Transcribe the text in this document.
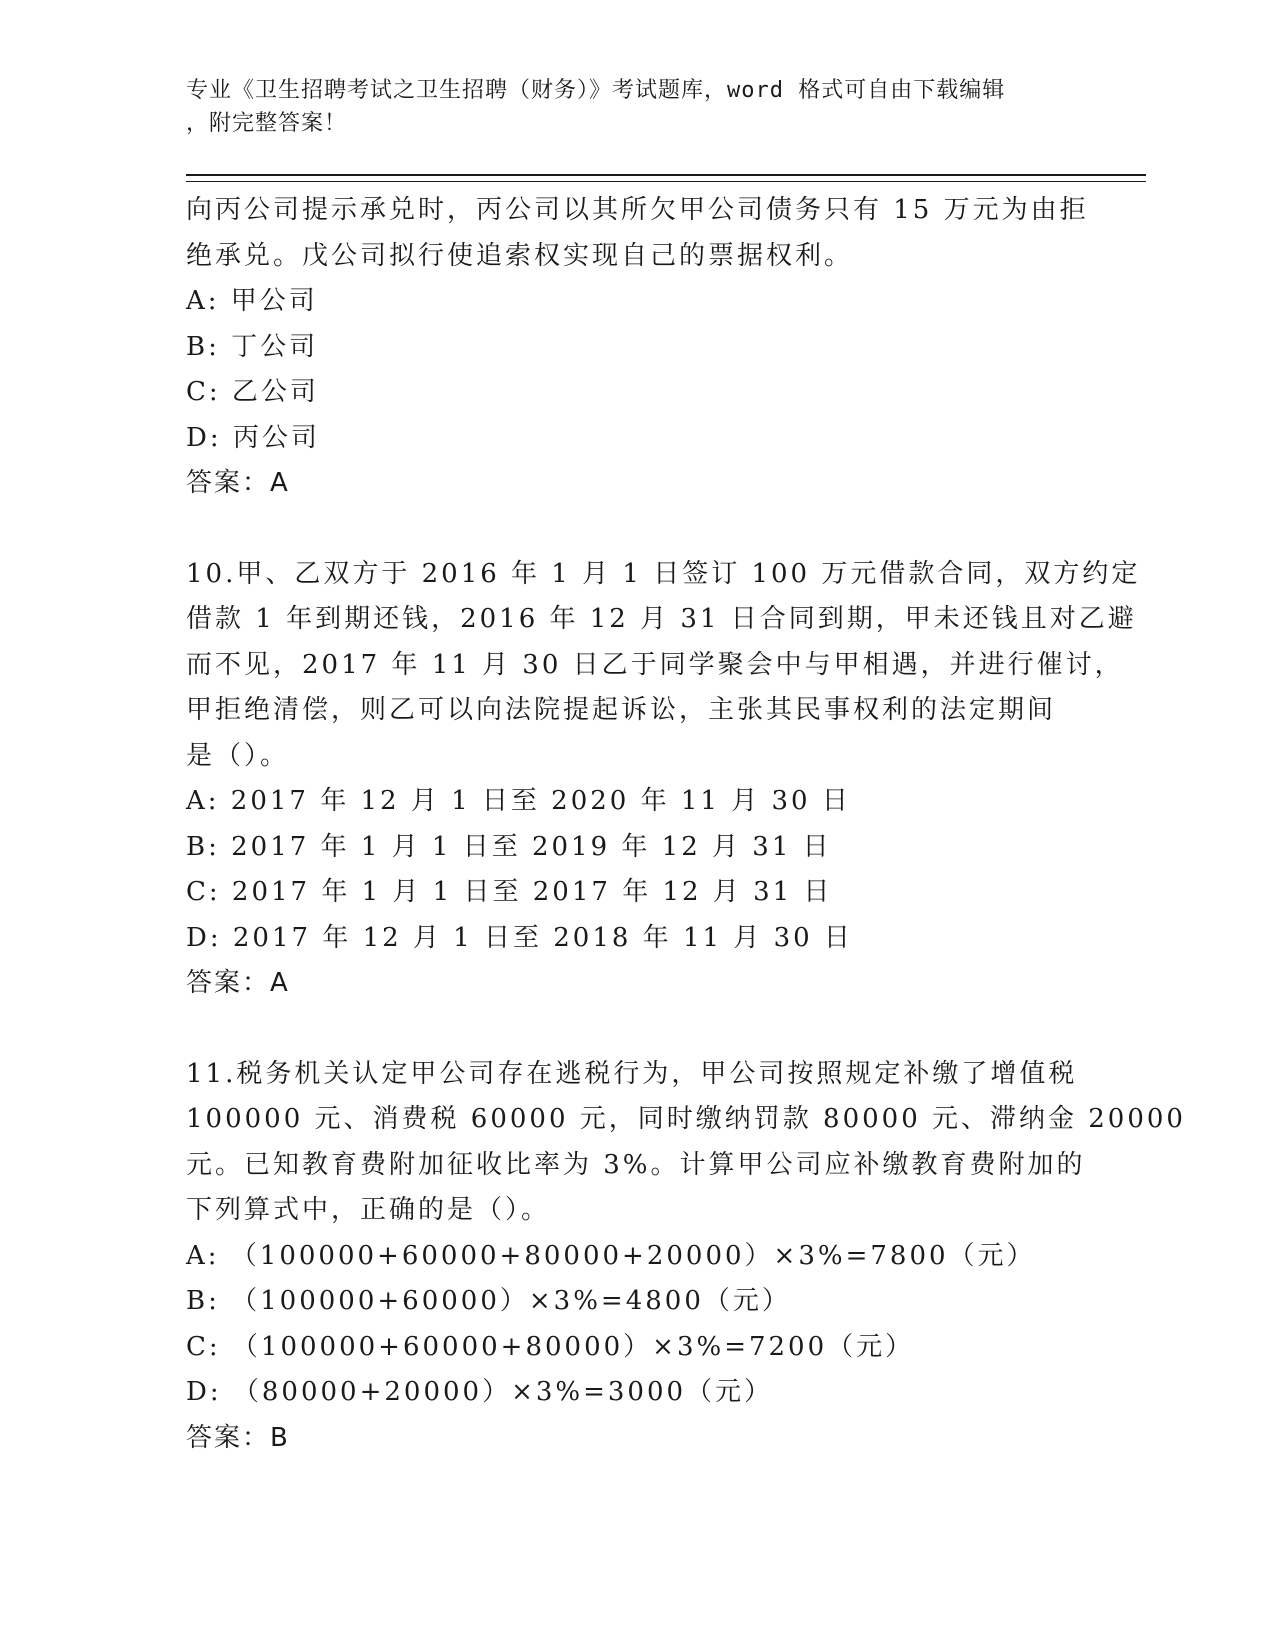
专业《卫生招聘考试之卫生招聘（财务）》考试题库，word 格式可自由下载编辑
，附完整答案！
向丙公司提示承兑时，丙公司以其所欠甲公司债务只有 15 万元为由拒
绝承兑。戊公司拟行使追索权实现自己的票据权利。
A: 甲公司
B: 丁公司
C: 乙公司
D: 丙公司
答案：A
10.甲、乙双方于 2016 年 1 月 1 日签订 100 万元借款合同，双方约定
借款 1 年到期还钱，2016 年 12 月 31 日合同到期，甲未还钱且对乙避
而不见，2017 年 11 月 30 日乙于同学聚会中与甲相遇，并进行催讨，
甲拒绝清偿，则乙可以向法院提起诉讼，主张其民事权利的法定期间
是（）。
A: 2017 年 12 月 1 日至 2020 年 11 月 30 日
B: 2017 年 1 月 1 日至 2019 年 12 月 31 日
C: 2017 年 1 月 1 日至 2017 年 12 月 31 日
D: 2017 年 12 月 1 日至 2018 年 11 月 30 日
答案：A
11.税务机关认定甲公司存在逃税行为，甲公司按照规定补缴了增值税
100000 元、消费税 60000 元，同时缴纳罚款 80000 元、滞纳金 20000
元。已知教育费附加征收比率为 3%。计算甲公司应补缴教育费附加的
下列算式中，正确的是（）。
A: （100000+60000+80000+20000）×3%=7800（元）
B: （100000+60000）×3%=4800（元）
C: （100000+60000+80000）×3%=7200（元）
D: （80000+20000）×3%=3000（元）
答案：B
